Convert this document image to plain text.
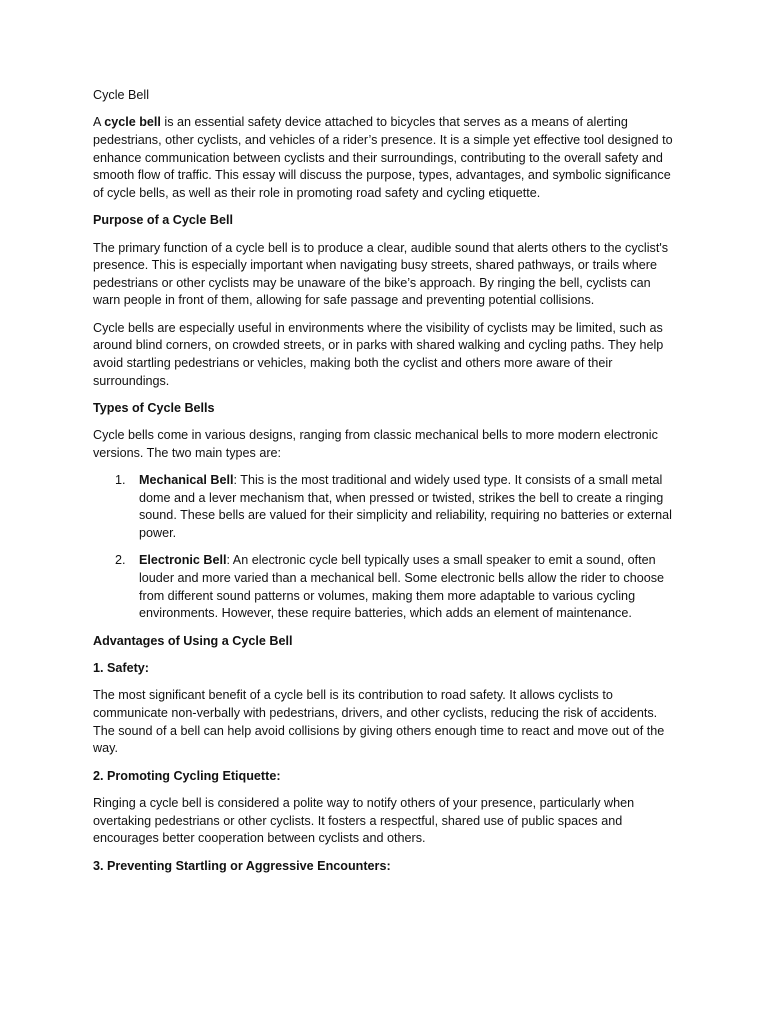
Cycle Bell

A cycle bell is an essential safety device attached to bicycles that serves as a means of alerting pedestrians, other cyclists, and vehicles of a rider’s presence. It is a simple yet effective tool designed to enhance communication between cyclists and their surroundings, contributing to the overall safety and smooth flow of traffic. This essay will discuss the purpose, types, advantages, and symbolic significance of cycle bells, as well as their role in promoting road safety and cycling etiquette.

Purpose of a Cycle Bell

The primary function of a cycle bell is to produce a clear, audible sound that alerts others to the cyclist's presence. This is especially important when navigating busy streets, shared pathways, or trails where pedestrians or other cyclists may be unaware of the bike’s approach. By ringing the bell, cyclists can warn people in front of them, allowing for safe passage and preventing potential collisions.

Cycle bells are especially useful in environments where the visibility of cyclists may be limited, such as around blind corners, on crowded streets, or in parks with shared walking and cycling paths. They help avoid startling pedestrians or vehicles, making both the cyclist and others more aware of their surroundings.

Types of Cycle Bells

Cycle bells come in various designs, ranging from classic mechanical bells to more modern electronic versions. The two main types are:

1. Mechanical Bell: This is the most traditional and widely used type. It consists of a small metal dome and a lever mechanism that, when pressed or twisted, strikes the bell to create a ringing sound. These bells are valued for their simplicity and reliability, requiring no batteries or external power.
2. Electronic Bell: An electronic cycle bell typically uses a small speaker to emit a sound, often louder and more varied than a mechanical bell. Some electronic bells allow the rider to choose from different sound patterns or volumes, making them more adaptable to various cycling environments. However, these require batteries, which adds an element of maintenance.

Advantages of Using a Cycle Bell

1. Safety:

The most significant benefit of a cycle bell is its contribution to road safety. It allows cyclists to communicate non-verbally with pedestrians, drivers, and other cyclists, reducing the risk of accidents. The sound of a bell can help avoid collisions by giving others enough time to react and move out of the way.

2. Promoting Cycling Etiquette:

Ringing a cycle bell is considered a polite way to notify others of your presence, particularly when overtaking pedestrians or other cyclists. It fosters a respectful, shared use of public spaces and encourages better cooperation between cyclists and others.

3. Preventing Startling or Aggressive Encounters:
